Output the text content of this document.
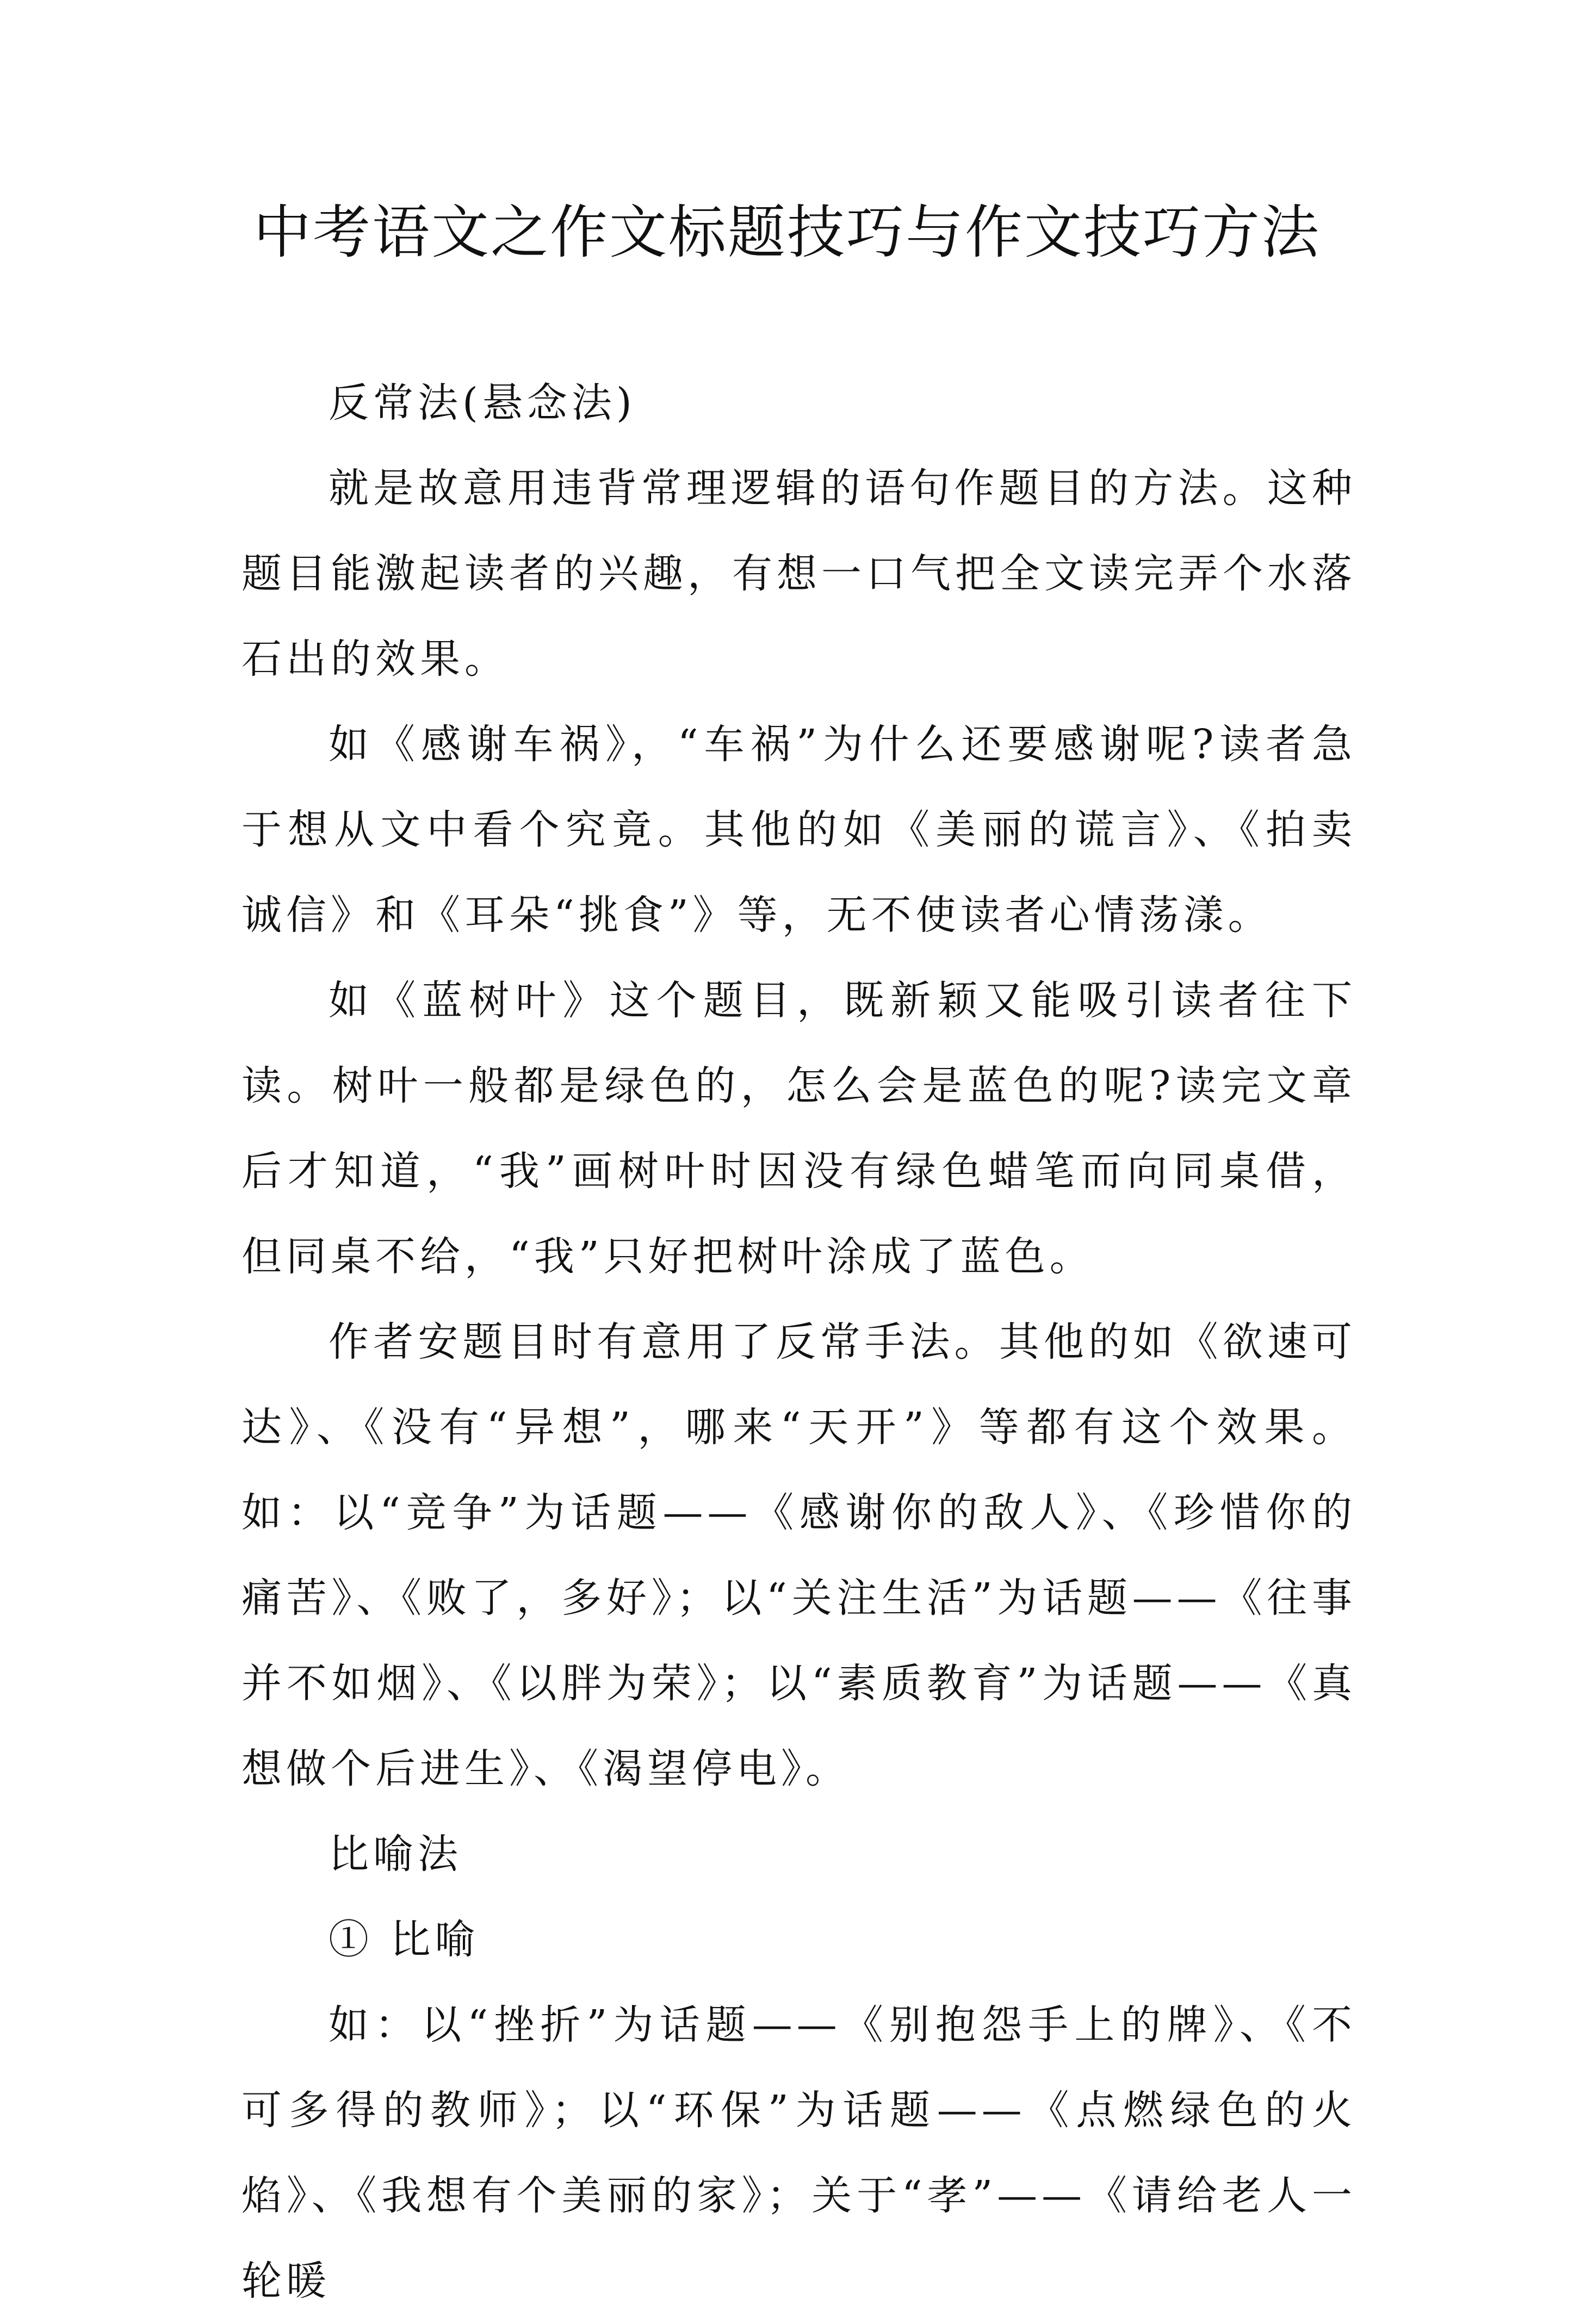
中考语文之作文标题技巧与作文技巧方法

反常法(悬念法)

就是故意用违背常理逻辑的语句作题目的方法。这种题目能激起读者的兴趣，有想一口气把全文读完弄个水落石出的效果。

如《感谢车祸》，“车祸”为什么还要感谢呢?读者急于想从文中看个究竟。其他的如《美丽的谎言》、《拍卖诚信》和《耳朵“挑食”》等，无不使读者心情荡漾。

如《蓝树叶》这个题目，既新颖又能吸引读者往下读。树叶一般都是绿色的，怎么会是蓝色的呢?读完文章后才知道，“我”画树叶时因没有绿色蜡笔而向同桌借，但同桌不给，“我”只好把树叶涂成了蓝色。

作者安题目时有意用了反常手法。其他的如《欲速可达》、《没有“异想”，哪来“天开”》等都有这个效果。如：以“竞争”为话题——《感谢你的敌人》、《珍惜你的痛苦》、《败了，多好》；以“关注生活”为话题——《往事并不如烟》、《以胖为荣》；以“素质教育”为话题——《真想做个后进生》、《渴望停电》。

比喻法

① 比喻

如：以“挫折”为话题——《别抱怨手上的牌》、《不可多得的教师》；以“环保”为话题——《点燃绿色的火焰》、《我想有个美丽的家》；关于“孝”——《请给老人一轮暖
